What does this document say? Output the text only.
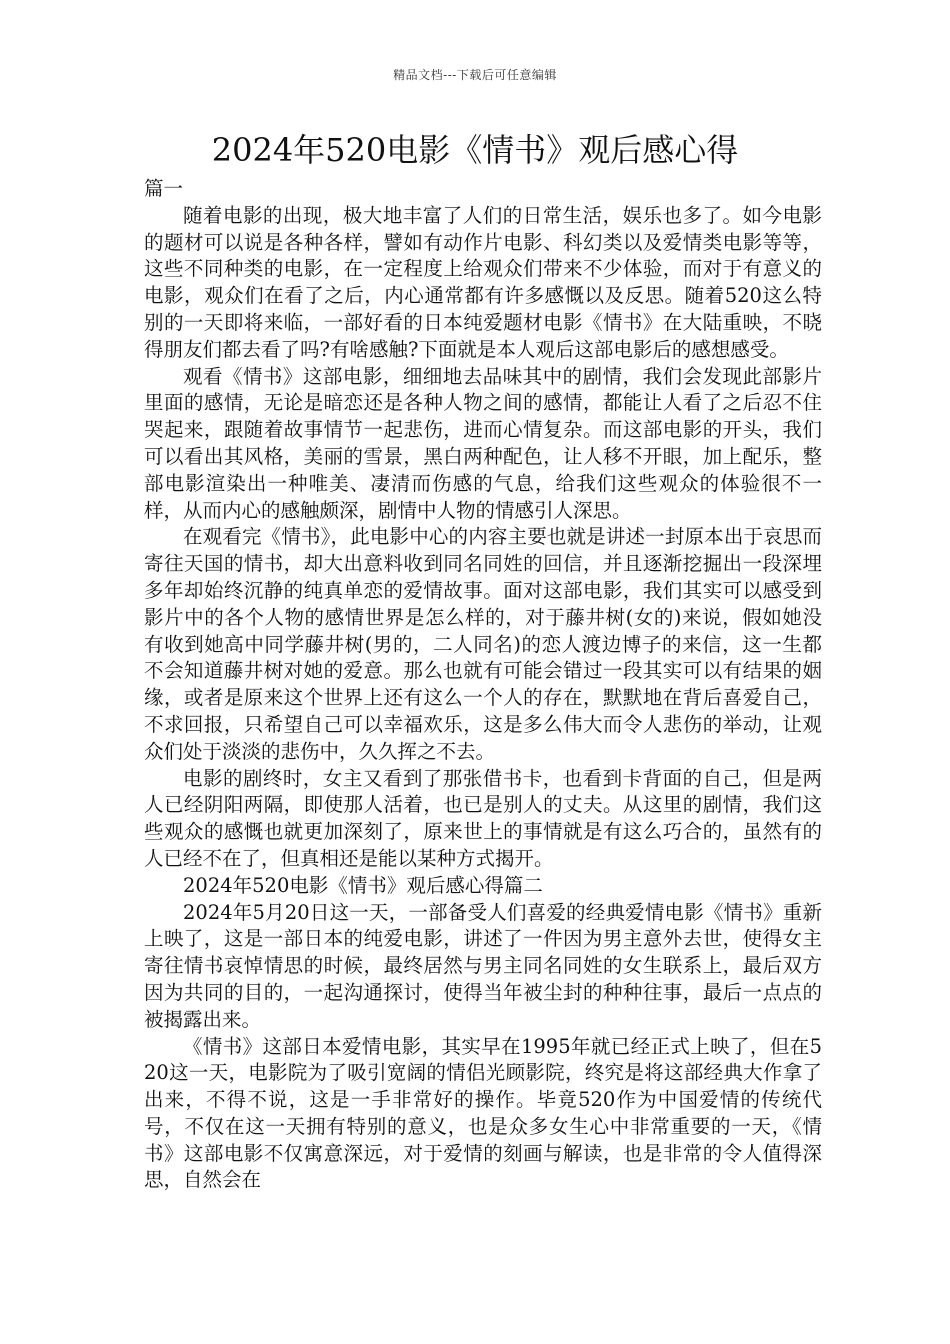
精品文档---下载后可任意编辑
2024年520电影《情书》观后感心得

篇一

随着电影的出现，极大地丰富了人们的日常生活，娱乐也多了。如今电影的题材可以说是各种各样，譬如有动作片电影、科幻类以及爱情类电影等等，这些不同种类的电影，在一定程度上给观众们带来不少体验，而对于有意义的电影，观众们在看了之后，内心通常都有许多感慨以及反思。随着520这么特别的一天即将来临，一部好看的日本纯爱题材电影《情书》在大陆重映，不晓得朋友们都去看了吗?有啥感触?下面就是本人观后这部电影后的感想感受。

观看《情书》这部电影，细细地去品味其中的剧情，我们会发现此部影片里面的感情，无论是暗恋还是各种人物之间的感情，都能让人看了之后忍不住哭起来，跟随着故事情节一起悲伤，进而心情复杂。而这部电影的开头，我们可以看出其风格，美丽的雪景，黑白两种配色，让人移不开眼，加上配乐，整部电影渲染出一种唯美、凄清而伤感的气息，给我们这些观众的体验很不一样，从而内心的感触颇深，剧情中人物的情感引人深思。

在观看完《情书》，此电影中心的内容主要也就是讲述一封原本出于哀思而寄往天国的情书，却大出意料收到同名同姓的回信，并且逐渐挖掘出一段深埋多年却始终沉静的纯真单恋的爱情故事。面对这部电影，我们其实可以感受到影片中的各个人物的感情世界是怎么样的，对于藤井树(女的)来说，假如她没有收到她高中同学藤井树(男的，二人同名)的恋人渡边博子的来信，这一生都不会知道藤井树对她的爱意。那么也就有可能会错过一段其实可以有结果的姻缘，或者是原来这个世界上还有这么一个人的存在，默默地在背后喜爱自己，不求回报，只希望自己可以幸福欢乐，这是多么伟大而令人悲伤的举动，让观众们处于淡淡的悲伤中，久久挥之不去。

电影的剧终时，女主又看到了那张借书卡，也看到卡背面的自己，但是两人已经阴阳两隔，即使那人活着，也已是别人的丈夫。从这里的剧情，我们这些观众的感慨也就更加深刻了，原来世上的事情就是有这么巧合的，虽然有的人已经不在了，但真相还是能以某种方式揭开。

2024年520电影《情书》观后感心得篇二

2024年5月20日这一天，一部备受人们喜爱的经典爱情电影《情书》重新上映了，这是一部日本的纯爱电影，讲述了一件因为男主意外去世，使得女主寄往情书哀悼情思的时候，最终居然与男主同名同姓的女生联系上，最后双方因为共同的目的，一起沟通探讨，使得当年被尘封的种种往事，最后一点点的被揭露出来。

《情书》这部日本爱情电影，其实早在1995年就已经正式上映了，但在520这一天，电影院为了吸引宽阔的情侣光顾影院，终究是将这部经典大作拿了出来，不得不说，这是一手非常好的操作。毕竟520作为中国爱情的传统代号，不仅在这一天拥有特别的意义，也是众多女生心中非常重要的一天，《情书》这部电影不仅寓意深远，对于爱情的刻画与解读，也是非常的令人值得深思，自然会在
